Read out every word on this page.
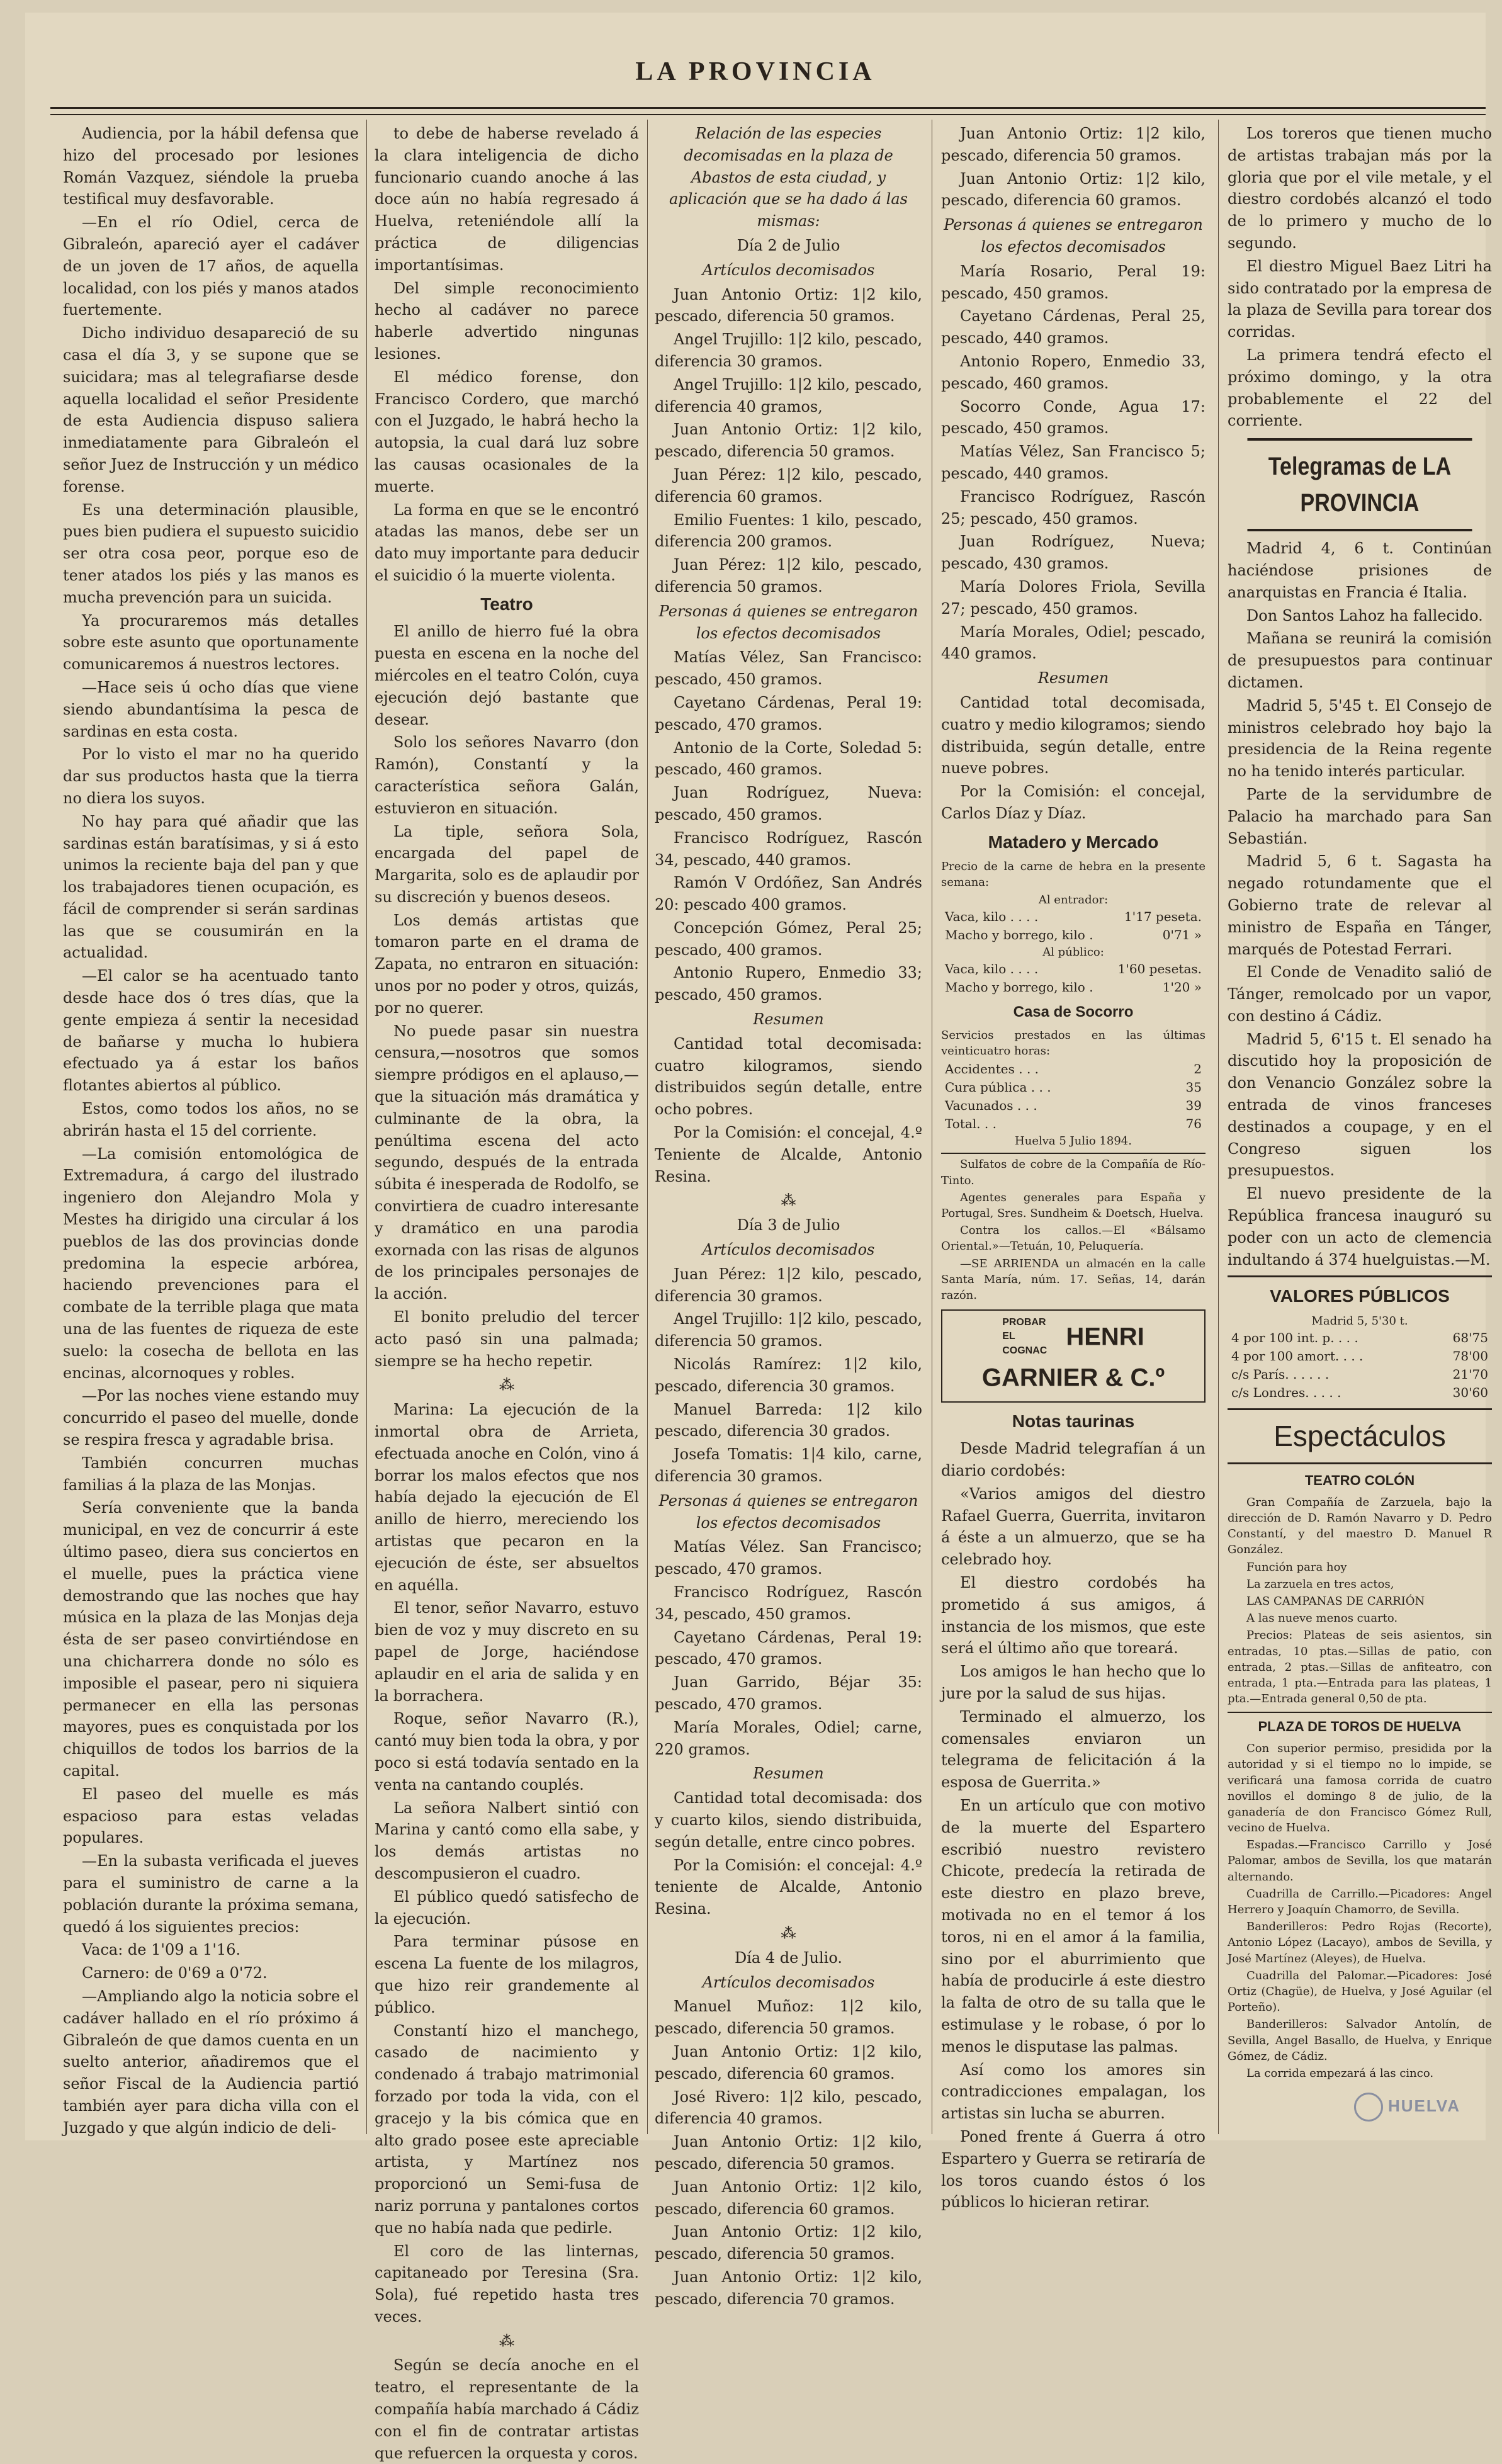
LA PROVINCIA

Audiencia, por la hábil defensa que hizo del procesado por lesiones Román Vazquez, siéndole la prueba testifical muy desfavorable.

—En el río Odiel, cerca de Gibraleón, apareció ayer el cadáver de un joven de 17 años, de aquella localidad, con los piés y manos atados fuertemente.

Dicho individuo desapareció de su casa el día 3, y se supone que se suicidara; mas al telegrafiarse desde aquella localidad el señor Presidente de esta Audiencia dispuso saliera inmediatamente para Gibraleón el señor Juez de Instrucción y un médico forense.

Es una determinación plausible, pues bien pudiera el supuesto suicidio ser otra cosa peor, porque eso de tener atados los piés y las manos es mucha prevención para un suicida.

Ya procuraremos más detalles sobre este asunto que oportunamente comunicaremos á nuestros lectores.

—Hace seis ú ocho días que viene siendo abundantísima la pesca de sardinas en esta costa.

Por lo visto el mar no ha querido dar sus productos hasta que la tierra no diera los suyos.

No hay para qué añadir que las sardinas están baratísimas, y si á esto unimos la reciente baja del pan y que los trabajadores tienen ocupación, es fácil de comprender si serán sardinas las que se cousumirán en la actualidad.

—El calor se ha acentuado tanto desde hace dos ó tres días, que la gente empieza á sentir la necesidad de bañarse y mucha lo hubiera efectuado ya á estar los baños flotantes abiertos al público.

Estos, como todos los años, no se abrirán hasta el 15 del corriente.

—La comisión entomológica de Extremadura, á cargo del ilustrado ingeniero don Alejandro Mola y Mestes ha dirigido una circular á los pueblos de las dos provincias donde predomina la especie arbórea, haciendo prevenciones para el combate de la terrible plaga que mata una de las fuentes de riqueza de este suelo: la cosecha de bellota en las encinas, alcornoques y robles.

—Por las noches viene estando muy concurrido el paseo del muelle, donde se respira fresca y agradable brisa.

También concurren muchas familias á la plaza de las Monjas.

Sería conveniente que la banda municipal, en vez de concurrir á este último paseo, diera sus conciertos en el muelle, pues la práctica viene demostrando que las noches que hay música en la plaza de las Monjas deja ésta de ser paseo convirtiéndose en una chicharrera donde no sólo es imposible el pasear, pero ni siquiera permanecer en ella las personas mayores, pues es conquistada por los chiquillos de todos los barrios de la capital.

El paseo del muelle es más espacioso para estas veladas populares.

—En la subasta verificada el jueves para el suministro de carne a la población durante la próxima semana, quedó á los siguientes precios:

Vaca: de 1'09 a 1'16.

Carnero: de 0'69 a 0'72.

—Ampliando algo la noticia sobre el cadáver hallado en el río próximo á Gibraleón de que damos cuenta en un suelto anterior, añadiremos que el señor Fiscal de la Audiencia partió también ayer para dicha villa con el Juzgado y que algún indicio de deli-

to debe de haberse revelado á la clara inteligencia de dicho funcionario cuando anoche á las doce aún no había regresado á Huelva, reteniéndole allí la práctica de diligencias importantísimas.

Del simple reconocimiento hecho al cadáver no parece haberle advertido ningunas lesiones.

El médico forense, don Francisco Cordero, que marchó con el Juzgado, le habrá hecho la autopsia, la cual dará luz sobre las causas ocasionales de la muerte.

La forma en que se le encontró atadas las manos, debe ser un dato muy importante para deducir el suicidio ó la muerte violenta.

Teatro

El anillo de hierro fué la obra puesta en escena en la noche del miércoles en el teatro Colón, cuya ejecución dejó bastante que desear.

Solo los señores Navarro (don Ramón), Constantí y la característica señora Galán, estuvieron en situación.

La tiple, señora Sola, encargada del papel de Margarita, solo es de aplaudir por su discreción y buenos deseos.

Los demás artistas que tomaron parte en el drama de Zapata, no entraron en situación: unos por no poder y otros, quizás, por no querer.

No puede pasar sin nuestra censura,—nosotros que somos siempre pródigos en el aplauso,—que la situación más dramática y culminante de la obra, la penúltima escena del acto segundo, después de la entrada súbita é inesperada de Rodolfo, se convirtiera de cuadro interesante y dramático en una parodia exornada con las risas de algunos de los principales personajes de la acción.

El bonito preludio del tercer acto pasó sin una palmada; siempre se ha hecho repetir.

⁂

Marina: La ejecución de la inmortal obra de Arrieta, efectuada anoche en Colón, vino á borrar los malos efectos que nos había dejado la ejecución de El anillo de hierro, mereciendo los artistas que pecaron en la ejecución de éste, ser absueltos en aquélla.

El tenor, señor Navarro, estuvo bien de voz y muy discreto en su papel de Jorge, haciéndose aplaudir en el aria de salida y en la borrachera.

Roque, señor Navarro (R.), cantó muy bien toda la obra, y por poco si está todavía sentado en la venta na cantando couplés.

La señora Nalbert sintió con Marina y cantó como ella sabe, y los demás artistas no descompusieron el cuadro.

El público quedó satisfecho de la ejecución.

Para terminar púsose en escena La fuente de los milagros, que hizo reir grandemente al público.

Constantí hizo el manchego, casado de nacimiento y condenado á trabajo matrimonial forzado por toda la vida, con el gracejo y la bis cómica que en alto grado posee este apreciable artista, y Martínez nos proporcionó un Semi-fusa de nariz porruna y pantalones cortos que no había nada que pedirle.

El coro de las linternas, capitaneado por Teresina (Sra. Sola), fué repetido hasta tres veces.

⁂

Según se decía anoche en el teatro, el representante de la compañía había marchado á Cádiz con el fin de contratar artistas que refuercen la orquesta y coros.

Relación de las especies decomisadas en la plaza de Abastos de esta ciudad, y aplicación que se ha dado á las mismas:

Día 2 de Julio
Artículos decomisados

Juan Antonio Ortiz: 1|2 kilo, pescado, diferencia 50 gramos.

Angel Trujillo: 1|2 kilo, pescado, diferencia 30 gramos.

Angel Trujillo: 1|2 kilo, pescado, diferencia 40 gramos,

Juan Antonio Ortiz: 1|2 kilo, pescado, diferencia 50 gramos.

Juan Pérez: 1|2 kilo, pescado, diferencia 60 gramos.

Emilio Fuentes: 1 kilo, pescado, diferencia 200 gramos.

Juan Pérez: 1|2 kilo, pescado, diferencia 50 gramos.

Personas á quienes se entregaron los efectos decomisados

Matías Vélez, San Francisco: pescado, 450 gramos.

Cayetano Cárdenas, Peral 19: pescado, 470 gramos.

Antonio de la Corte, Soledad 5: pescado, 460 gramos.

Juan Rodríguez, Nueva: pescado, 450 gramos.

Francisco Rodríguez, Rascón 34, pescado, 440 gramos.

Ramón V Ordóñez, San Andrés 20: pescado 400 gramos.

Concepción Gómez, Peral 25; pescado, 400 gramos.

Antonio Rupero, Enmedio 33; pescado, 450 gramos.

Resumen

Cantidad total decomisada: cuatro kilogramos, siendo distribuidos según detalle, entre ocho pobres.

Por la Comisión: el concejal, 4.º Teniente de Alcalde, Antonio Resina.

⁂
Día 3 de Julio
Artículos decomisados

Juan Pérez: 1|2 kilo, pescado, diferencia 30 gramos.

Angel Trujillo: 1|2 kilo, pescado, diferencia 50 gramos.

Nicolás Ramírez: 1|2 kilo, pescado, diferencia 30 gramos.

Manuel Barreda: 1|2 kilo pescado, diferencia 30 grados.

Josefa Tomatis: 1|4 kilo, carne, diferencia 30 gramos.

Personas á quienes se entregaron los efectos decomisados

Matías Vélez. San Francisco; pescado, 470 gramos.

Francisco Rodríguez, Rascón 34, pescado, 450 gramos.

Cayetano Cárdenas, Peral 19: pescado, 470 gramos.

Juan Garrido, Béjar 35: pescado, 470 gramos.

María Morales, Odiel; carne, 220 gramos.

Resumen

Cantidad total decomisada: dos y cuarto kilos, siendo distribuida, según detalle, entre cinco pobres.

Por la Comisión: el concejal: 4.º teniente de Alcalde, Antonio Resina.

⁂
Día 4 de Julio.
Artículos decomisados

Manuel Muñoz: 1|2 kilo, pescado, diferencia 50 gramos.

Juan Antonio Ortiz: 1|2 kilo, pescado, diferencia 60 gramos.

José Rivero: 1|2 kilo, pescado, diferencia 40 gramos.

Juan Antonio Ortiz: 1|2 kilo, pescado, diferencia 50 gramos.

Juan Antonio Ortiz: 1|2 kilo, pescado, diferencia 60 gramos.

Juan Antonio Ortiz: 1|2 kilo, pescado, diferencia 50 gramos.

Juan Antonio Ortiz: 1|2 kilo, pescado, diferencia 70 gramos.

Juan Antonio Ortiz: 1|2 kilo, pescado, diferencia 50 gramos.

Juan Antonio Ortiz: 1|2 kilo, pescado, diferencia 60 gramos.

Personas á quienes se entregaron los efectos decomisados

María Rosario, Peral 19: pescado, 450 gramos.

Cayetano Cárdenas, Peral 25, pescado, 440 gramos.

Antonio Ropero, Enmedio 33, pescado, 460 gramos.

Socorro Conde, Agua 17: pescado, 450 gramos.

Matías Vélez, San Francisco 5; pescado, 440 gramos.

Francisco Rodríguez, Rascón 25; pescado, 450 gramos.

Juan Rodríguez, Nueva; pescado, 430 gramos.

María Dolores Friola, Sevilla 27; pescado, 450 gramos.

María Morales, Odiel; pescado, 440 gramos.

Resumen

Cantidad total decomisada, cuatro y medio kilogramos; siendo distribuida, según detalle, entre nueve pobres.

Por la Comisión: el concejal, Carlos Díaz y Díaz.

Matadero y Mercado

Precio de la carne de hebra en la presente semana:

Al entrador:
Vaca, kilo . . . .	1'17 peseta.
Macho y borrego, kilo .	0'71 »
Al público:
Vaca, kilo . . . .	1'60 pesetas.
Macho y borrego, kilo .	1'20 »
Casa de Socorro

Servicios prestados en las últimas veinticuatro horas:

Accidentes . . .	2
Cura pública . . .	35
Vacunados . . .	39
Total. . .	76
Huelva 5 Julio 1894.

Sulfatos de cobre de la Compañía de Río-Tinto.

Agentes generales para España y Portugal, Sres. Sundheim & Doetsch, Huelva.

Contra los callos.—El «Bálsamo Oriental.»—Tetuán, 10, Peluquería.

—SE ARRIENDA un almacén en la calle Santa María, núm. 17. Señas, 14, darán razón.

PROBAR EL COGNAC HENRI GARNIER & C.º
Notas taurinas

Desde Madrid telegrafían á un diario cordobés:

«Varios amigos del diestro Rafael Guerra, Guerrita, invitaron á éste a un almuerzo, que se ha celebrado hoy.

El diestro cordobés ha prometido á sus amigos, á instancia de los mismos, que este será el último año que toreará.

Los amigos le han hecho que lo jure por la salud de sus hijas.

Terminado el almuerzo, los comensales enviaron un telegrama de felicitación á la esposa de Guerrita.»

En un artículo que con motivo de la muerte del Espartero escribió nuestro revistero Chicote, predecía la retirada de este diestro en plazo breve, motivada no en el temor á los toros, ni en el amor á la familia, sino por el aburrimiento que había de producirle á este diestro la falta de otro de su talla que le estimulase y le robase, ó por lo menos le disputase las palmas.

Así como los amores sin contradicciones empalagan, los artistas sin lucha se aburren.

Poned frente á Guerra á otro Espartero y Guerra se retiraría de los toros cuando éstos ó los públicos lo hicieran retirar.

Los toreros que tienen mucho de artistas trabajan más por la gloria que por el vile metale, y el diestro cordobés alcanzó el todo de lo primero y mucho de lo segundo.

El diestro Miguel Baez Litri ha sido contratado por la empresa de la plaza de Sevilla para torear dos corridas.

La primera tendrá efecto el próximo domingo, y la otra probablemente el 22 del corriente.

Telegramas de LA PROVINCIA

Madrid 4, 6 t. Continúan haciéndose prisiones de anarquistas en Francia é Italia.

Don Santos Lahoz ha fallecido.

Mañana se reunirá la comisión de presupuestos para continuar dictamen.

Madrid 5, 5'45 t. El Consejo de ministros celebrado hoy bajo la presidencia de la Reina regente no ha tenido interés particular.

Parte de la servidumbre de Palacio ha marchado para San Sebastián.

Madrid 5, 6 t. Sagasta ha negado rotundamente que el Gobierno trate de relevar al ministro de España en Tánger, marqués de Potestad Ferrari.

El Conde de Venadito salió de Tánger, remolcado por un vapor, con destino á Cádiz.

Madrid 5, 6'15 t. El senado ha discutido hoy la proposición de don Venancio González sobre la entrada de vinos franceses destinados a coupage, y en el Congreso siguen los presupuestos.

El nuevo presidente de la República francesa inauguró su poder con un acto de clemencia indultando á 374 huelguistas.—M.

VALORES PÚBLICOS
Madrid 5, 5'30 t.
4 por 100 int. p. . . .	68'75
4 por 100 amort. . . .	78'00
c/s París. . . . . .	21'70
c/s Londres. . . . .	30'60
Espectáculos
TEATRO COLÓN

Gran Compañía de Zarzuela, bajo la dirección de D. Ramón Navarro y D. Pedro Constantí, y del maestro D. Manuel R González.

Función para hoy

La zarzuela en tres actos,

LAS CAMPANAS DE CARRIÓN

A las nueve menos cuarto.

Precios: Plateas de seis asientos, sin entradas, 10 ptas.—Sillas de patio, con entrada, 2 ptas.—Sillas de anfiteatro, con entrada, 1 pta.—Entrada para las plateas, 1 pta.—Entrada general 0,50 de pta.

PLAZA DE TOROS DE HUELVA

Con superior permiso, presidida por la autoridad y si el tiempo no lo impide, se verificará una famosa corrida de cuatro novillos el domingo 8 de julio, de la ganadería de don Francisco Gómez Rull, vecino de Huelva.

Espadas.—Francisco Carrillo y José Palomar, ambos de Sevilla, los que matarán alternando.

Cuadrilla de Carrillo.—Picadores: Angel Herrero y Joaquín Chamorro, de Sevilla.

Banderilleros: Pedro Rojas (Recorte), Antonio López (Lacayo), ambos de Sevilla, y José Martínez (Aleyes), de Huelva.

Cuadrilla del Palomar.—Picadores: José Ortiz (Chagüe), de Huelva, y José Aguilar (el Porteño).

Banderilleros: Salvador Antolín, de Sevilla, Angel Basallo, de Huelva, y Enrique Gómez, de Cádiz.

La corrida empezará á las cinco.

HUELVA
